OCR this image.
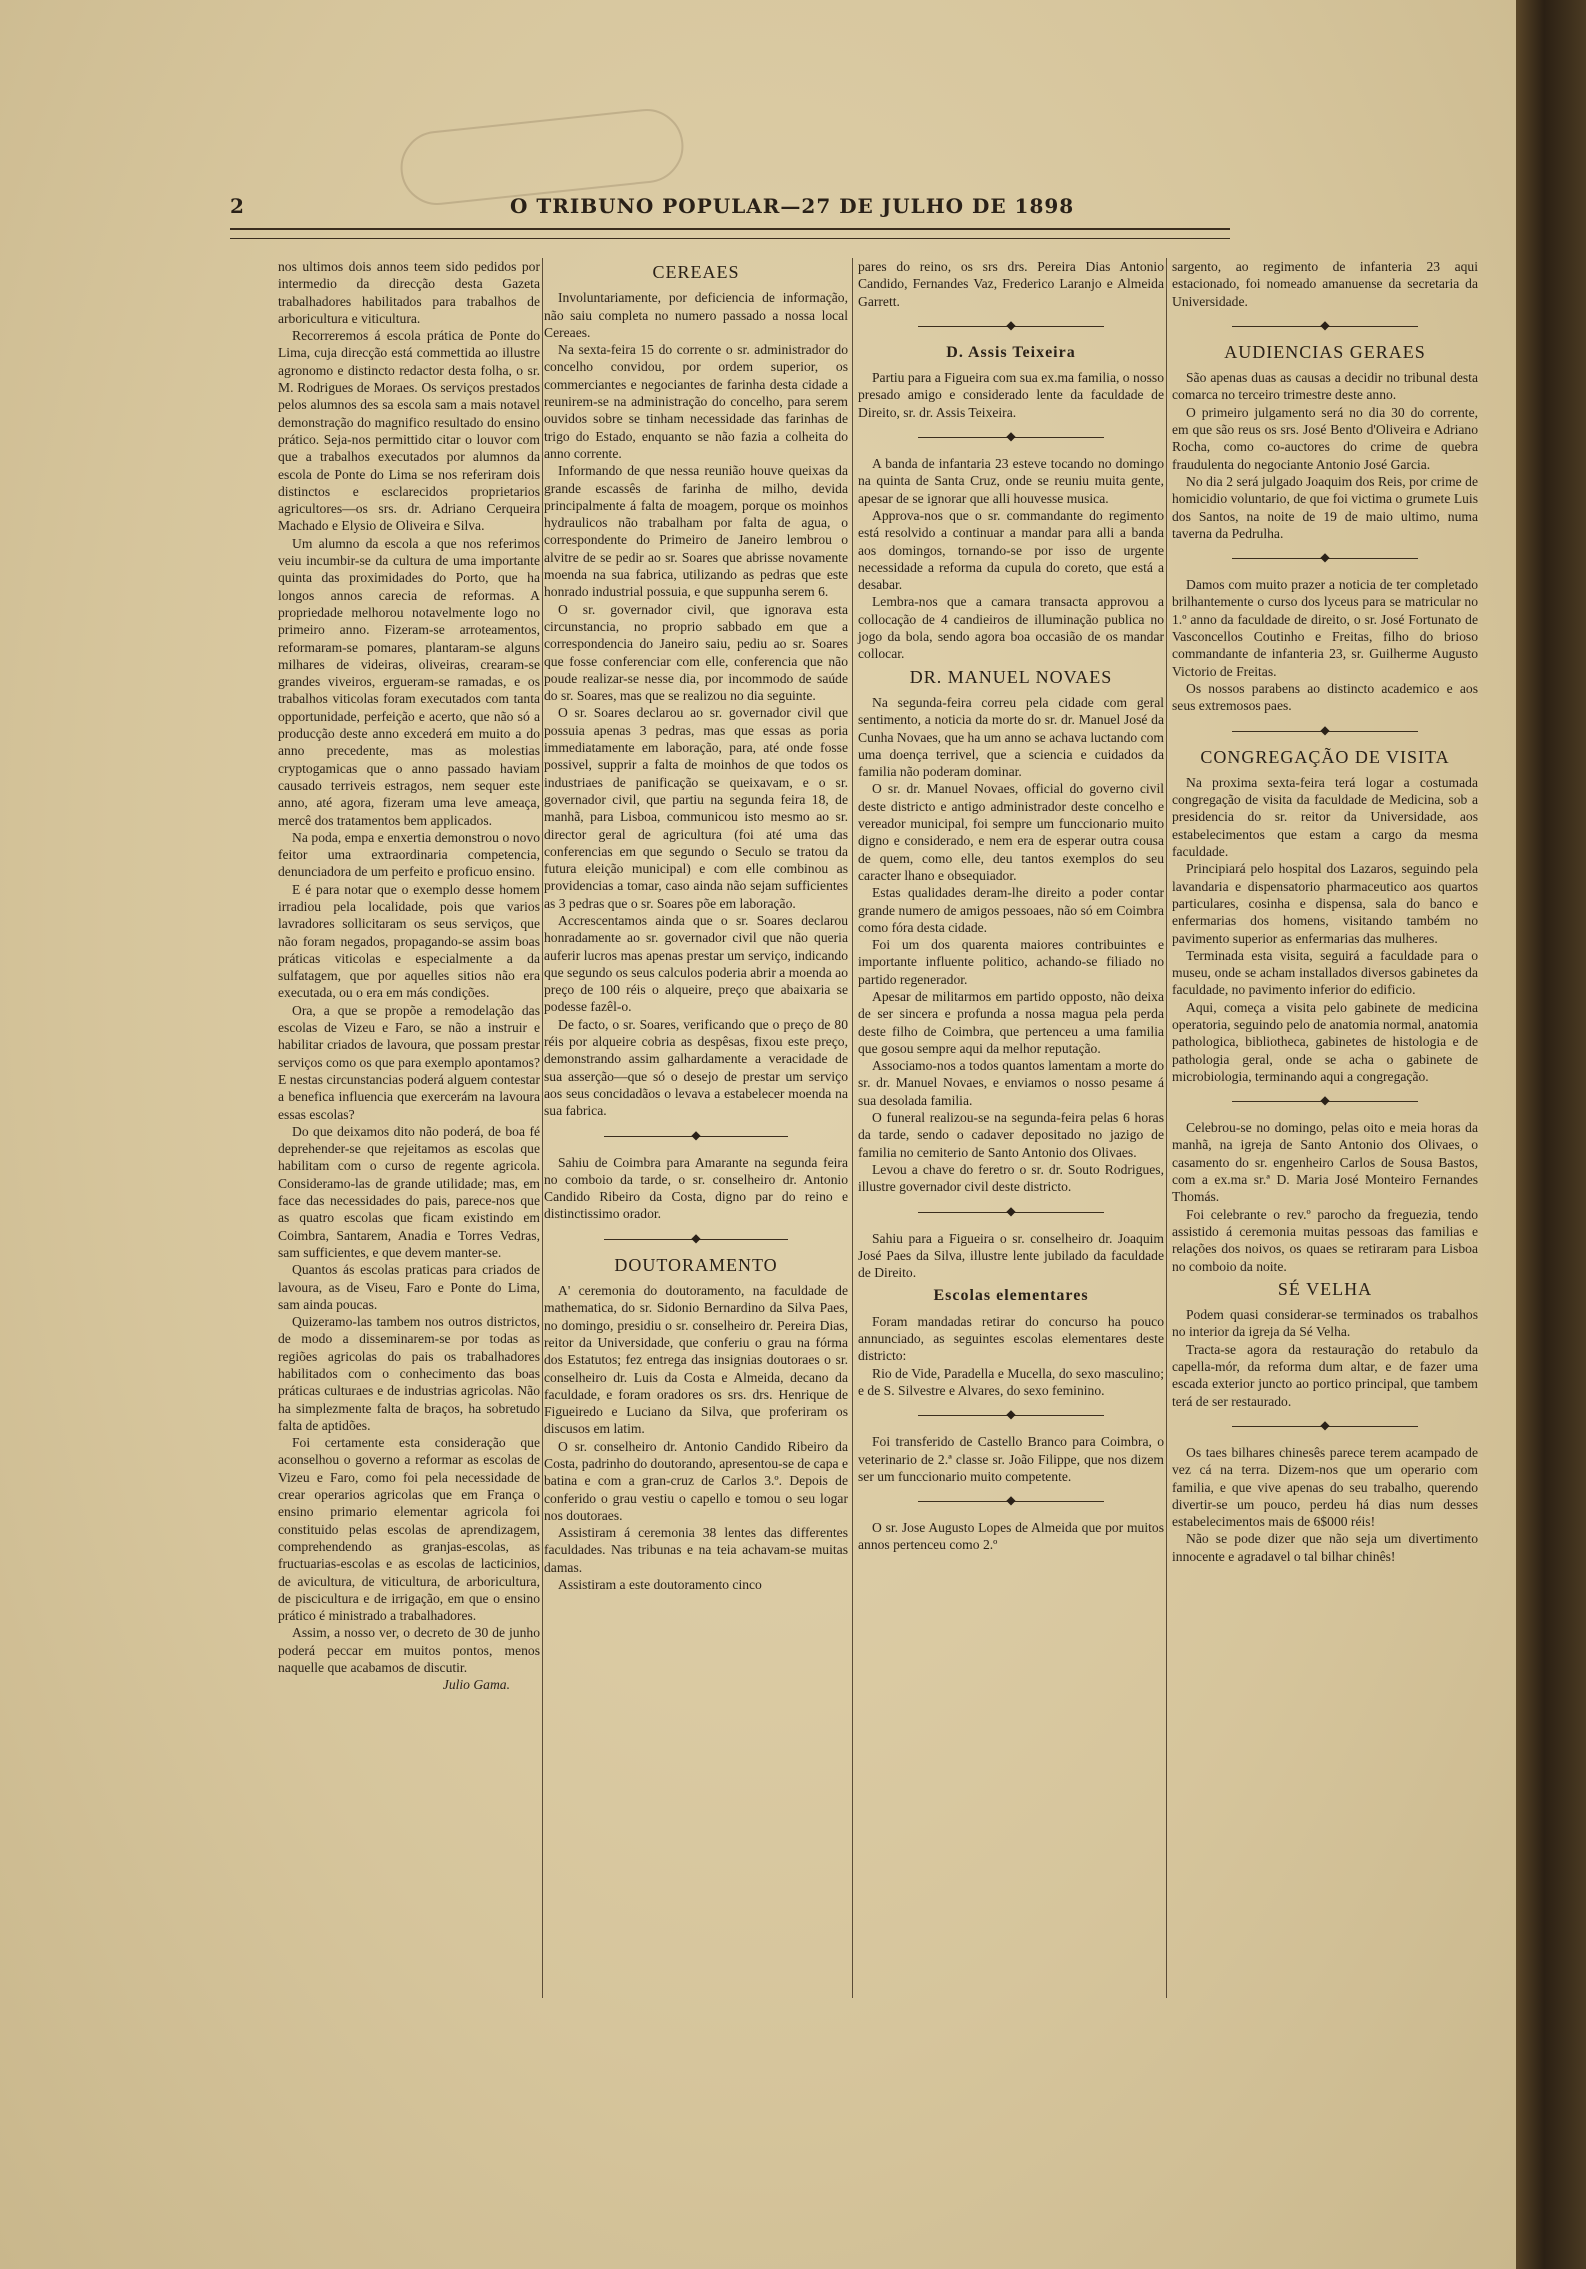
2	O TRIBUNO POPULAR—27 DE JULHO DE 1898

nos ultimos dois annos teem sido pedidos por intermedio da direcção desta Gazeta trabalhadores habilitados para trabalhos de arboricultura e viticultura.

Recorreremos á escola prática de Ponte do Lima, cuja direcção está commettida ao illustre agronomo e distincto redactor desta folha, o sr. M. Rodrigues de Moraes. Os serviços prestados pelos alumnos des sa escola sam a mais notavel demonstração do magnifico resultado do ensino prático. Seja-nos permittido citar o louvor com que a trabalhos executados por alumnos da escola de Ponte do Lima se nos referiram dois distinctos e esclarecidos proprietarios agricultores—os srs. dr. Adriano Cerqueira Machado e Elysio de Oliveira e Silva.

Um alumno da escola a que nos referimos veiu incumbir-se da cultura de uma importante quinta das proximidades do Porto, que ha longos annos carecia de reformas. A propriedade melhorou notavelmente logo no primeiro anno. Fizeram-se arroteamentos, reformaram-se pomares, plantaram-se alguns milhares de videiras, oliveiras, crearam-se grandes viveiros, ergueram-se ramadas, e os trabalhos viticolas foram executados com tanta opportunidade, perfeição e acerto, que não só a producção deste anno excederá em muito a do anno precedente, mas as molestias cryptogamicas que o anno passado haviam causado terriveis estragos, nem sequer este anno, até agora, fizeram uma leve ameaça, mercê dos tratamentos bem applicados.

Na poda, empa e enxertia demonstrou o novo feitor uma extraordinaria competencia, denunciadora de um perfeito e proficuo ensino.

E é para notar que o exemplo desse homem irradiou pela localidade, pois que varios lavradores sollicitaram os seus serviços, que não foram negados, propagando-se assim boas práticas viticolas e especialmente a da sulfatagem, que por aquelles sitios não era executada, ou o era em más condições.

Ora, a que se propõe a remodelação das escolas de Vizeu e Faro, se não a instruir e habilitar criados de lavoura, que possam prestar serviços como os que para exemplo apontamos? E nestas circunstancias poderá alguem contestar a benefica influencia que exercerám na lavoura essas escolas?

Do que deixamos dito não poderá, de boa fé deprehender-se que rejeitamos as escolas que habilitam com o curso de regente agricola. Consideramo-las de grande utilidade; mas, em face das necessidades do pais, parece-nos que as quatro escolas que ficam existindo em Coimbra, Santarem, Anadia e Torres Vedras, sam sufficientes, e que devem manter-se.

Quantos ás escolas praticas para criados de lavoura, as de Viseu, Faro e Ponte do Lima, sam ainda poucas.

Quizeramo-las tambem nos outros districtos, de modo a disseminarem-se por todas as regiões agricolas do pais os trabalhadores habilitados com o conhecimento das boas práticas culturaes e de industrias agricolas. Não ha simplezmente falta de braços, ha sobretudo falta de aptidões.

Foi certamente esta consideração que aconselhou o governo a reformar as escolas de Vizeu e Faro, como foi pela necessidade de crear operarios agricolas que em França o ensino primario elementar agricola foi constituido pelas escolas de aprendizagem, comprehendendo as granjas-escolas, as fructuarias-escolas e as escolas de lacticinios, de avicultura, de viticultura, de arboricultura, de piscicultura e de irrigação, em que o ensino prático é ministrado a trabalhadores.

Assim, a nosso ver, o decreto de 30 de junho poderá peccar em muitos pontos, menos naquelle que acabamos de discutir.

Julio Gama.

CEREAES

Involuntariamente, por deficiencia de informação, não saiu completa no numero passado a nossa local Cereaes.

Na sexta-feira 15 do corrente o sr. administrador do concelho convidou, por ordem superior, os commerciantes e negociantes de farinha desta cidade a reunirem-se na administração do concelho, para serem ouvidos sobre se tinham necessidade das farinhas de trigo do Estado, enquanto se não fazia a colheita do anno corrente.

Informando de que nessa reunião houve queixas da grande escassês de farinha de milho, devida principalmente á falta de moagem, porque os moinhos hydraulicos não trabalham por falta de agua, o correspondente do Primeiro de Janeiro lembrou o alvitre de se pedir ao sr. Soares que abrisse novamente moenda na sua fabrica, utilizando as pedras que este honrado industrial possuia, e que suppunha serem 6.

O sr. governador civil, que ignorava esta circunstancia, no proprio sabbado em que a correspondencia do Janeiro saiu, pediu ao sr. Soares que fosse conferenciar com elle, conferencia que não poude realizar-se nesse dia, por incommodo de saúde do sr. Soares, mas que se realizou no dia seguinte.

O sr. Soares declarou ao sr. governador civil que possuia apenas 3 pedras, mas que essas as poria immediatamente em laboração, para, até onde fosse possivel, supprir a falta de moinhos de que todos os industriaes de panificação se queixavam, e o sr. governador civil, que partiu na segunda feira 18, de manhã, para Lisboa, communicou isto mesmo ao sr. director geral de agricultura (foi até uma das conferencias em que segundo o Seculo se tratou da futura eleição municipal) e com elle combinou as providencias a tomar, caso ainda não sejam sufficientes as 3 pedras que o sr. Soares põe em laboração.

Accrescentamos ainda que o sr. Soares declarou honradamente ao sr. governador civil que não queria auferir lucros mas apenas prestar um serviço, indicando que segundo os seus calculos poderia abrir a moenda ao preço de 100 réis o alqueire, preço que abaixaria se podesse fazêl-o.

De facto, o sr. Soares, verificando que o preço de 80 réis por alqueire cobria as despêsas, fixou este preço, demonstrando assim galhardamente a veracidade de sua asserção—que só o desejo de prestar um serviço aos seus concidadãos o levava a estabelecer moenda na sua fabrica.

◆

Sahiu de Coimbra para Amarante na segunda feira no comboio da tarde, o sr. conselheiro dr. Antonio Candido Ribeiro da Costa, digno par do reino e distinctissimo orador.

◆
DOUTORAMENTO

A' ceremonia do doutoramento, na faculdade de mathematica, do sr. Sidonio Bernardino da Silva Paes, no domingo, presidiu o sr. conselheiro dr. Pereira Dias, reitor da Universidade, que conferiu o grau na fórma dos Estatutos; fez entrega das insignias doutoraes o sr. conselheiro dr. Luis da Costa e Almeida, decano da faculdade, e foram oradores os srs. drs. Henrique de Figueiredo e Luciano da Silva, que proferiram os discusos em latim.

O sr. conselheiro dr. Antonio Candido Ribeiro da Costa, padrinho do doutorando, apresentou-se de capa e batina e com a gran-cruz de Carlos 3.º. Depois de conferido o grau vestiu o capello e tomou o seu logar nos doutoraes.

Assistiram á ceremonia 38 lentes das differentes faculdades. Nas tribunas e na teia achavam-se muitas damas.

Assistiram a este doutoramento cinco

pares do reino, os srs drs. Pereira Dias Antonio Candido, Fernandes Vaz, Frederico Laranjo e Almeida Garrett.

◆
D. Assis Teixeira

Partiu para a Figueira com sua ex.ma familia, o nosso presado amigo e considerado lente da faculdade de Direito, sr. dr. Assis Teixeira.

◆

A banda de infantaria 23 esteve tocando no domingo na quinta de Santa Cruz, onde se reuniu muita gente, apesar de se ignorar que alli houvesse musica.

Approva-nos que o sr. commandante do regimento está resolvido a continuar a mandar para alli a banda aos domingos, tornando-se por isso de urgente necessidade a reforma da cupula do coreto, que está a desabar.

Lembra-nos que a camara transacta approvou a collocação de 4 candieiros de illuminação publica no jogo da bola, sendo agora boa occasião de os mandar collocar.

DR. MANUEL NOVAES

Na segunda-feira correu pela cidade com geral sentimento, a noticia da morte do sr. dr. Manuel José da Cunha Novaes, que ha um anno se achava luctando com uma doença terrivel, que a sciencia e cuidados da familia não poderam dominar.

O sr. dr. Manuel Novaes, official do governo civil deste districto e antigo administrador deste concelho e vereador municipal, foi sempre um funccionario muito digno e considerado, e nem era de esperar outra cousa de quem, como elle, deu tantos exemplos do seu caracter lhano e obsequiador.

Estas qualidades deram-lhe direito a poder contar grande numero de amigos pessoaes, não só em Coimbra como fóra desta cidade.

Foi um dos quarenta maiores contribuintes e importante influente politico, achando-se filiado no partido regenerador.

Apesar de militarmos em partido opposto, não deixa de ser sincera e profunda a nossa magua pela perda deste filho de Coimbra, que pertenceu a uma familia que gosou sempre aqui da melhor reputação.

Associamo-nos a todos quantos lamentam a morte do sr. dr. Manuel Novaes, e enviamos o nosso pesame á sua desolada familia.

O funeral realizou-se na segunda-feira pelas 6 horas da tarde, sendo o cadaver depositado no jazigo de familia no cemiterio de Santo Antonio dos Olivaes.

Levou a chave do feretro o sr. dr. Souto Rodrigues, illustre governador civil deste districto.

◆

Sahiu para a Figueira o sr. conselheiro dr. Joaquim José Paes da Silva, illustre lente jubilado da faculdade de Direito.

Escolas elementares

Foram mandadas retirar do concurso ha pouco annunciado, as seguintes escolas elementares deste districto:

Rio de Vide, Paradella e Mucella, do sexo masculino; e de S. Silvestre e Alvares, do sexo feminino.

◆

Foi transferido de Castello Branco para Coimbra, o veterinario de 2.ª classe sr. João Filippe, que nos dizem ser um funccionario muito competente.

◆

O sr. Jose Augusto Lopes de Almeida que por muitos annos pertenceu como 2.º

sargento, ao regimento de infanteria 23 aqui estacionado, foi nomeado amanuense da secretaria da Universidade.

◆
AUDIENCIAS GERAES

São apenas duas as causas a decidir no tribunal desta comarca no terceiro trimestre deste anno.

O primeiro julgamento será no dia 30 do corrente, em que são reus os srs. José Bento d'Oliveira e Adriano Rocha, como co-auctores do crime de quebra fraudulenta do negociante Antonio José Garcia.

No dia 2 será julgado Joaquim dos Reis, por crime de homicidio voluntario, de que foi victima o grumete Luis dos Santos, na noite de 19 de maio ultimo, numa taverna da Pedrulha.

◆

Damos com muito prazer a noticia de ter completado brilhantemente o curso dos lyceus para se matricular no 1.º anno da faculdade de direito, o sr. José Fortunato de Vasconcellos Coutinho e Freitas, filho do brioso commandante de infanteria 23, sr. Guilherme Augusto Victorio de Freitas.

Os nossos parabens ao distincto academico e aos seus extremosos paes.

◆
CONGREGAÇÃO DE VISITA

Na proxima sexta-feira terá logar a costumada congregação de visita da faculdade de Medicina, sob a presidencia do sr. reitor da Universidade, aos estabelecimentos que estam a cargo da mesma faculdade.

Principiará pelo hospital dos Lazaros, seguindo pela lavandaria e dispensatorio pharmaceutico aos quartos particulares, cosinha e dispensa, sala do banco e enfermarias dos homens, visitando também no pavimento superior as enfermarias das mulheres.

Terminada esta visita, seguirá a faculdade para o museu, onde se acham installados diversos gabinetes da faculdade, no pavimento inferior do edificio.

Aqui, começa a visita pelo gabinete de medicina operatoria, seguindo pelo de anatomia normal, anatomia pathologica, bibliotheca, gabinetes de histologia e de pathologia geral, onde se acha o gabinete de microbiologia, terminando aqui a congregação.

◆

Celebrou-se no domingo, pelas oito e meia horas da manhã, na igreja de Santo Antonio dos Olivaes, o casamento do sr. engenheiro Carlos de Sousa Bastos, com a ex.ma sr.ª D. Maria José Monteiro Fernandes Thomás.

Foi celebrante o rev.º parocho da freguezia, tendo assistido á ceremonia muitas pessoas das familias e relações dos noivos, os quaes se retiraram para Lisboa no comboio da noite.

SÉ VELHA

Podem quasi considerar-se terminados os trabalhos no interior da igreja da Sé Velha.

Tracta-se agora da restauração do retabulo da capella-mór, da reforma dum altar, e de fazer uma escada exterior juncto ao portico principal, que tambem terá de ser restaurado.

◆

Os taes bilhares chinesês parece terem acampado de vez cá na terra. Dizem-nos que um operario com familia, e que vive apenas do seu trabalho, querendo divertir-se um pouco, perdeu há dias num desses estabelecimentos mais de 6$000 réis!

Não se pode dizer que não seja um divertimento innocente e agradavel o tal bilhar chinês!
